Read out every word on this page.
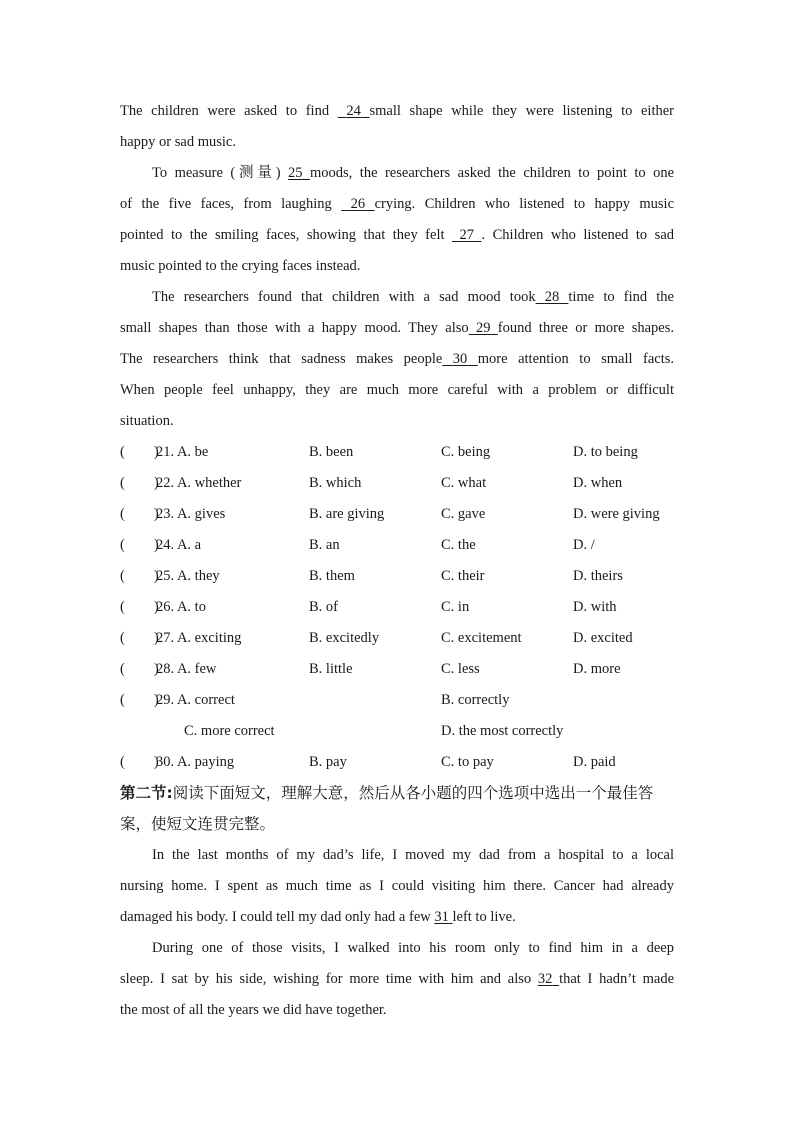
The children were asked to find  24 small shape while they were listening to either
happy or sad music.
To measure (测量) 25 moods, the researchers asked the children to point to one
of the five faces, from laughing  26 crying. Children who listened to happy music
pointed to the smiling faces, showing that they felt  27 . Children who listened to sad
music pointed to the crying faces instead.
The researchers found that children with a sad mood took 28 time to find the
small shapes than those with a happy mood. They also 29 found three or more shapes.
The researchers think that sadness makes people 30 more attention to small facts.
When people feel unhappy, they are much more careful with a problem or difficult
situation.
(　　)
21. A. be	B. been	C. being	D. to being
(　　)
22. A. whether	B. which	C. what	D. when
(　　)
23. A. gives	B. are giving	C. gave	D. were giving
(　　)
24. A. a	B. an	C. the	D. /
(　　)
25. A. they	B. them	C. their	D. theirs
(　　)
26. A. to	B. of	C. in	D. with
(　　)
27. A. exciting	B. excitedly	C. excitement	D. excited
(　　)
28. A. few	B. little	C. less	D. more
(　　)
29. A. correct	B. correctly
C. more correct	D. the most correctly
(　　)
30. A. paying	B. pay	C. to pay	D. paid
第二节:阅读下面短文，理解大意，然后从各小题的四个选项中选出一个最佳答
案，使短文连贯完整。
In the last months of my dad’s life, I moved my dad from a hospital to a local
nursing home. I spent as much time as I could visiting him there. Cancer had already
damaged his body. I could tell my dad only had a few 31 left to live.
During one of those visits, I walked into his room only to find him in a deep
sleep. I sat by his side, wishing for more time with him and also 32 that I hadn’t made
the most of all the years we did have together.
